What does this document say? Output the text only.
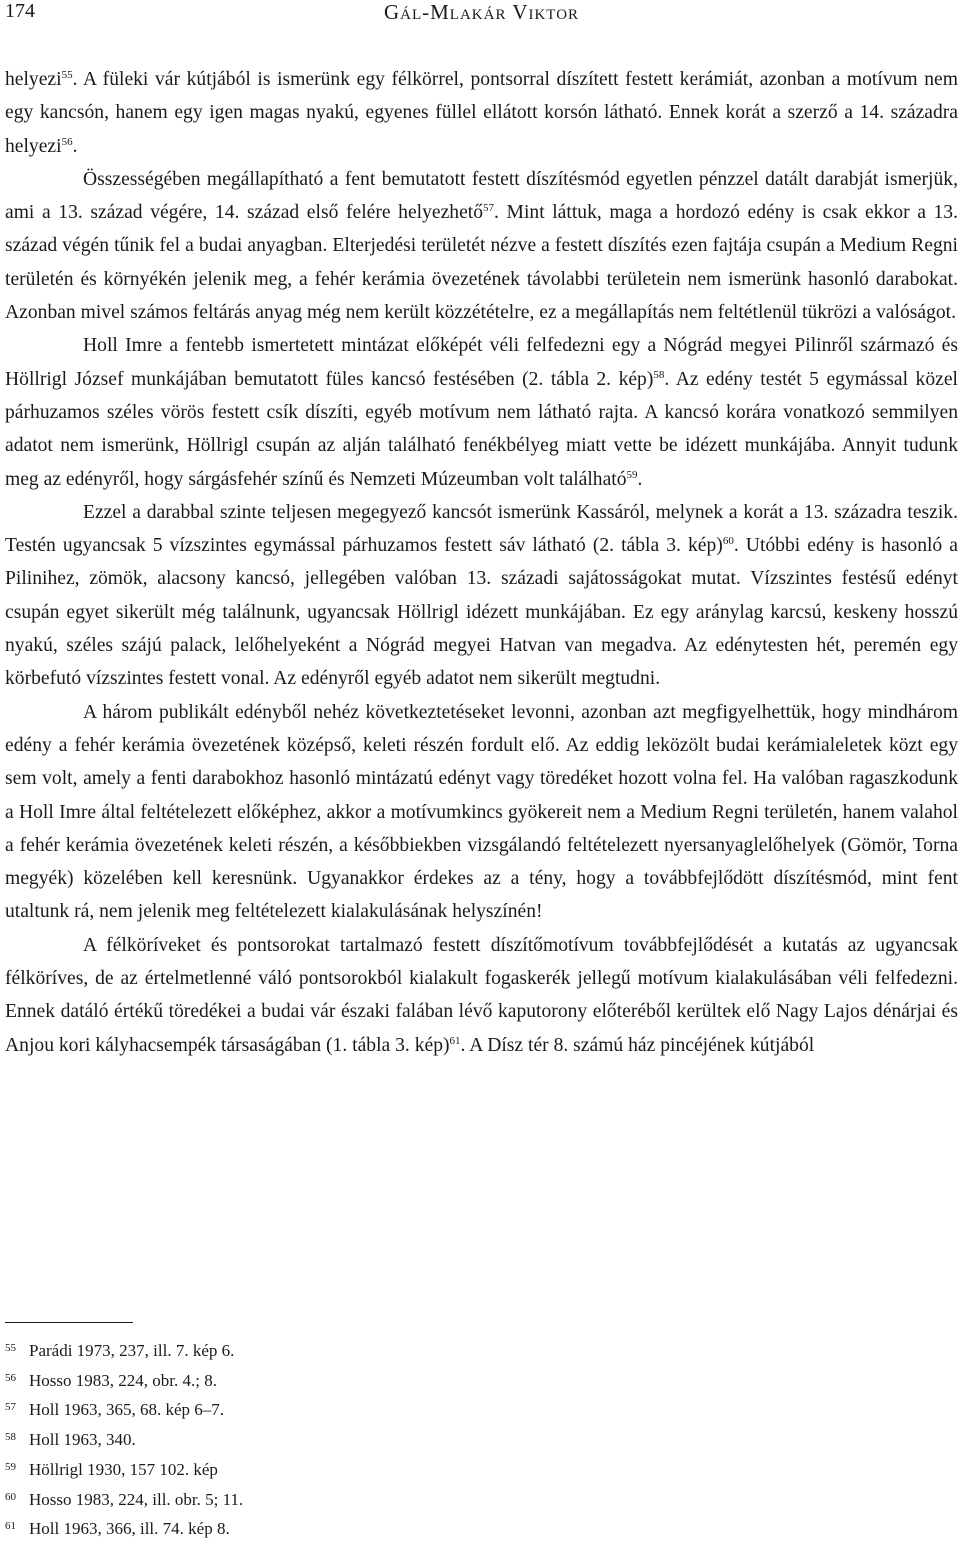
174	Gál-Mlakár Viktor

helyezi$^{55}$. A füleki vár kútjából is ismerünk egy félkörrel, pontsorral díszített festett kerámiát, azonban a motívum nem egy kancsón, hanem egy igen magas nyakú, egyenes füllel ellátott korsón látható. Ennek korát a szerző a 14. századra helyezi$^{56}$.

Összességében megállapítható a fent bemutatott festett díszítésmód egyetlen pénzzel datált darabját ismerjük, ami a 13. század végére, 14. század első felére helyezhető$^{57}$. Mint láttuk, maga a hordozó edény is csak ekkor a 13. század végén tűnik fel a budai anyagban. Elterjedési területét nézve a festett díszítés ezen fajtája csupán a Medium Regni területén és környékén jelenik meg, a fehér kerámia övezetének távolabbi területein nem ismerünk hasonló darabokat. Azonban mivel számos feltárás anyag még nem került közzétételre, ez a megállapítás nem feltétlenül tükrözi a valóságot.

Holl Imre a fentebb ismertetett mintázat előképét véli felfedezni egy a Nógrád megyei Pilinről származó és Höllrigl József munkájában bemutatott füles kancsó festésében (2. tábla 2. kép)$^{58}$. Az edény testét 5 egymással közel párhuzamos széles vörös festett csík díszíti, egyéb motívum nem látható rajta. A kancsó korára vonatkozó semmilyen adatot nem ismerünk, Höllrigl csupán az alján található fenékbélyeg miatt vette be idézett munkájába. Annyit tudunk meg az edényről, hogy sárgásfehér színű és Nemzeti Múzeumban volt található$^{59}$.

Ezzel a darabbal szinte teljesen megegyező kancsót ismerünk Kassáról, melynek a korát a 13. századra teszik. Testén ugyancsak 5 vízszintes egymással párhuzamos festett sáv látható (2. tábla 3. kép)$^{60}$. Utóbbi edény is hasonló a Pilinihez, zömök, alacsony kancsó, jellegében valóban 13. századi sajátosságokat mutat. Vízszintes festésű edényt csupán egyet sikerült még találnunk, ugyancsak Höllrigl idézett munkájában. Ez egy aránylag karcsú, keskeny hosszú nyakú, széles szájú palack, lelőhelyeként a Nógrád megyei Hatvan van megadva. Az edénytesten hét, peremén egy körbefutó vízszintes festett vonal. Az edényről egyéb adatot nem sikerült megtudni.

A három publikált edényből nehéz következtetéseket levonni, azonban azt megfigyelhettük, hogy mindhárom edény a fehér kerámia övezetének középső, keleti részén fordult elő. Az eddig leközölt budai kerámialeletek közt egy sem volt, amely a fenti darabokhoz hasonló mintázatú edényt vagy töredéket hozott volna fel. Ha valóban ragaszkodunk a Holl Imre által feltételezett előképhez, akkor a motívumkincs gyökereit nem a Medium Regni területén, hanem valahol a fehér kerámia övezetének keleti részén, a későbbiekben vizsgálandó feltételezett nyersanyaglelőhelyek (Gömör, Torna megyék) közelében kell keresnünk. Ugyanakkor érdekes az a tény, hogy a továbbfejlődött díszítésmód, mint fent utaltunk rá, nem jelenik meg feltételezett kialakulásának helyszínén!

A félköríveket és pontsorokat tartalmazó festett díszítőmotívum továbbfejlődését a kutatás az ugyancsak félköríves, de az értelmetlenné váló pontsorokból kialakult fogaskerék jellegű motívum kialakulásában véli felfedezni. Ennek datáló értékű töredékei a budai vár északi falában lévő kaputorony előteréből kerültek elő Nagy Lajos dénárjai és Anjou kori kályhacsempék társaságában (1. tábla 3. kép)$^{61}$. A Dísz tér 8. számú ház pincéjének kútjából

55 Parádi 1973, 237, ill. 7. kép 6.
56 Hosso 1983, 224, obr. 4.; 8.
57 Holl 1963, 365, 68. kép 6–7.
58 Holl 1963, 340.
59 Höllrigl 1930, 157 102. kép
60 Hosso 1983, 224, ill. obr. 5; 11.
61 Holl 1963, 366, ill. 74. kép 8.
